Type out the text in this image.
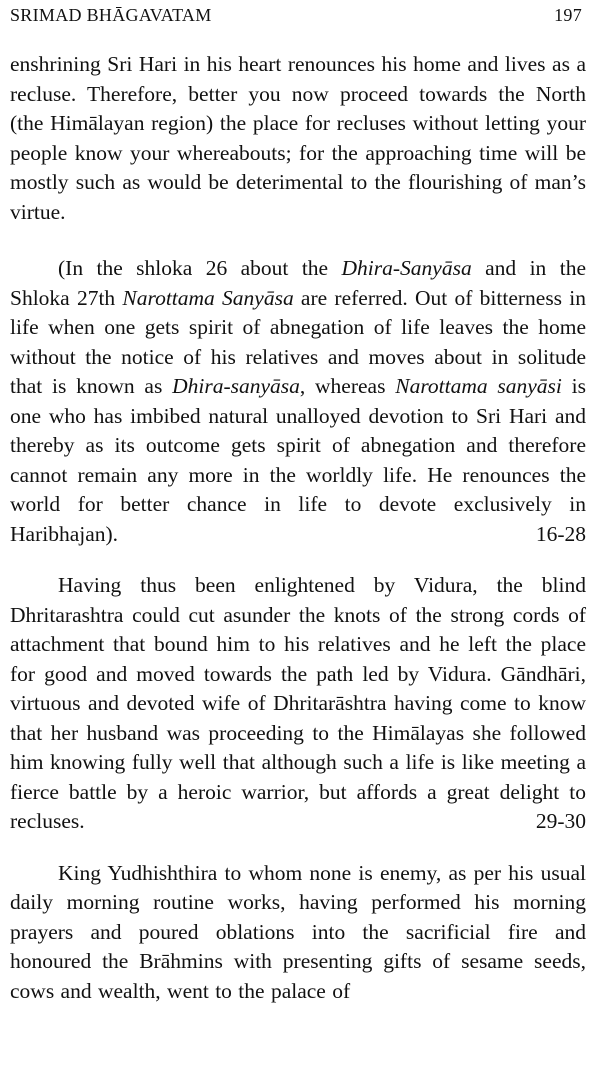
SRIMAD BHĀGAVATAM	197

enshrining Sri Hari in his heart renounces his home and lives as a recluse. Therefore, better you now proceed towards the North (the Himālayan region) the place for recluses without letting your people know your whereabouts; for the approaching time will be mostly such as would be deterimental to the flourishing of man’s virtue.

(In the shloka 26 about the Dhira-Sanyāsa and in the Shloka 27th Narottama Sanyāsa are referred. Out of bitterness in life when one gets spirit of abnegation of life leaves the home without the notice of his relatives and moves about in solitude that is known as Dhira-sanyāsa, whereas Narottama sanyāsi is one who has imbibed natural unalloyed devotion to Sri Hari and thereby as its outcome gets spirit of abnegation and therefore cannot remain any more in the worldly life. He renounces the world for better chance in life to devote exclusively in Haribhajan).	16-28

Having thus been enlightened by Vidura, the blind Dhritarashtra could cut asunder the knots of the strong cords of attachment that bound him to his relatives and he left the place for good and moved towards the path led by Vidura. Gāndhāri, virtuous and devoted wife of Dhritarāshtra having come to know that her husband was proceeding to the Himālayas she followed him knowing fully well that although such a life is like meeting a fierce battle by a heroic warrior, but affords a great delight to recluses.	29-30

King Yudhishthira to whom none is enemy, as per his usual daily morning routine works, having performed his morning prayers and poured oblations into the sacrificial fire and honoured the Brāhmins with presenting gifts of sesame seeds, cows and wealth, went to the palace of
